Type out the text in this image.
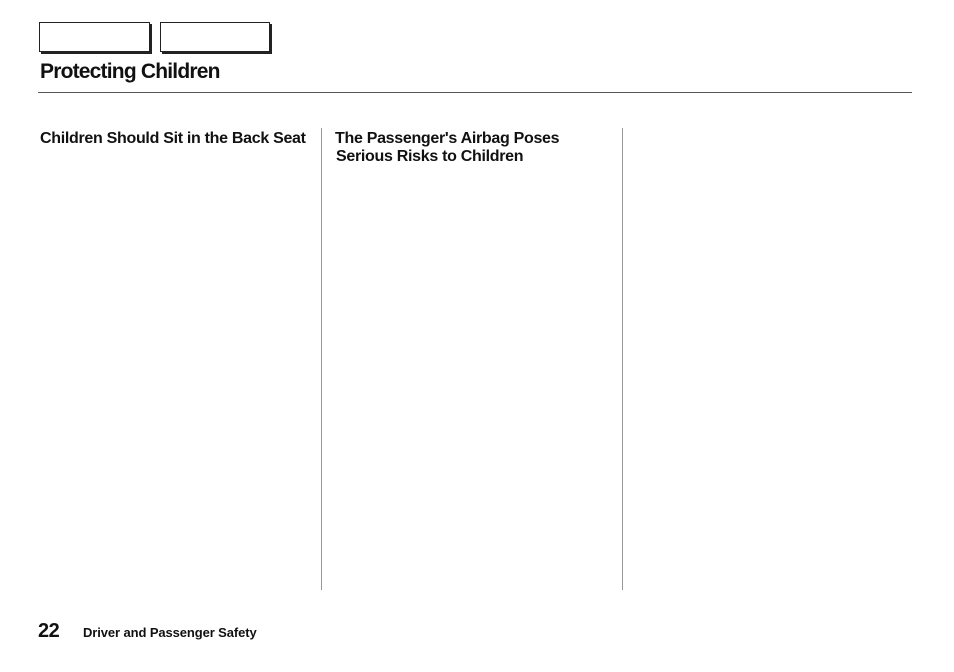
Protecting Children
Children Should Sit in the Back Seat The Passenger's Airbag Poses
Serious Risks to Children
22 Driver and Passenger Safety
